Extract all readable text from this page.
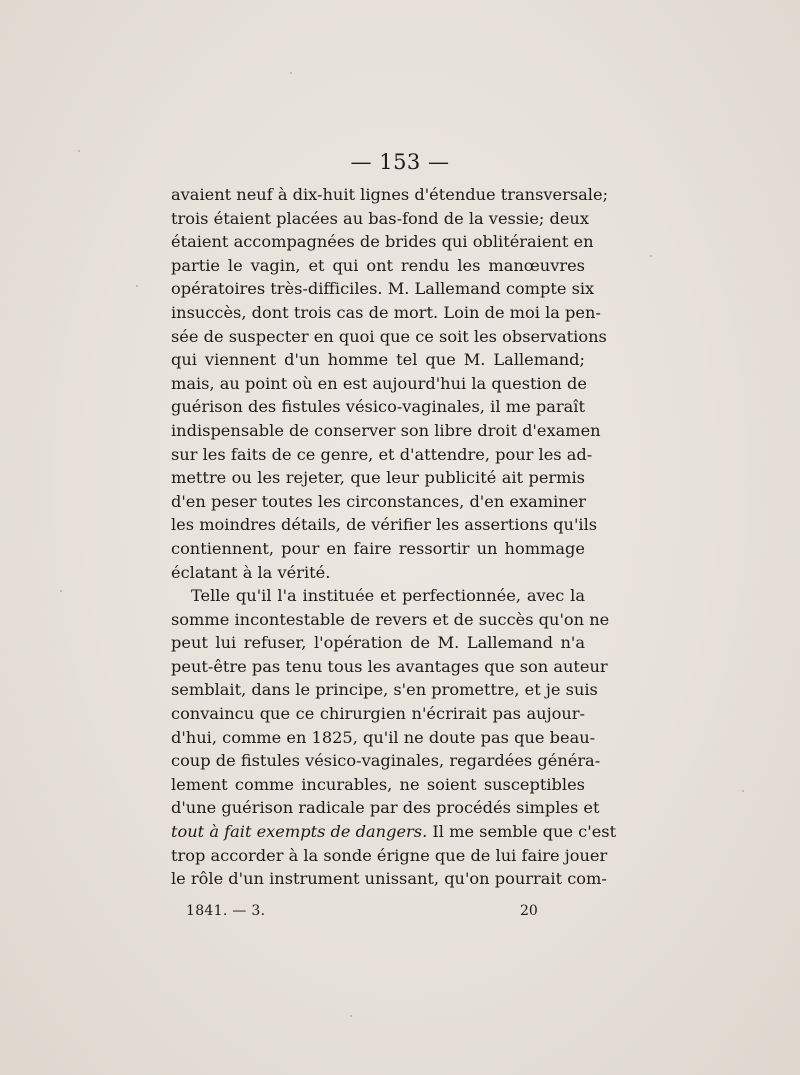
— 153 —
avaient neuf à dix-huit lignes d'étendue transversale;
trois étaient placées au bas-fond de la vessie; deux
étaient accompagnées de brides qui oblitéraient en
partie le vagin, et qui ont rendu les manœuvres
opératoires très-difficiles. M. Lallemand compte six
insuccès, dont trois cas de mort. Loin de moi la pen-
sée de suspecter en quoi que ce soit les observations
qui viennent d'un homme tel que M. Lallemand;
mais, au point où en est aujourd'hui la question de
guérison des fistules vésico-vaginales, il me paraît
indispensable de conserver son libre droit d'examen
sur les faits de ce genre, et d'attendre, pour les ad-
mettre ou les rejeter, que leur publicité ait permis
d'en peser toutes les circonstances, d'en examiner
les moindres détails, de vérifier les assertions qu'ils
contiennent, pour en faire ressortir un hommage
éclatant à la vérité.
Telle qu'il l'a instituée et perfectionnée, avec la
somme incontestable de revers et de succès qu'on ne
peut lui refuser, l'opération de M. Lallemand n'a
peut-être pas tenu tous les avantages que son auteur
semblait, dans le principe, s'en promettre, et je suis
convaincu que ce chirurgien n'écrirait pas aujour-
d'hui, comme en 1825, qu'il ne doute pas que beau-
coup de fistules vésico-vaginales, regardées généra-
lement comme incurables, ne soient susceptibles
d'une guérison radicale par des procédés simples et
tout à fait exempts de dangers. Il me semble que c'est
trop accorder à la sonde érigne que de lui faire jouer
le rôle d'un instrument unissant, qu'on pourrait com-
1841. — 3.	20
